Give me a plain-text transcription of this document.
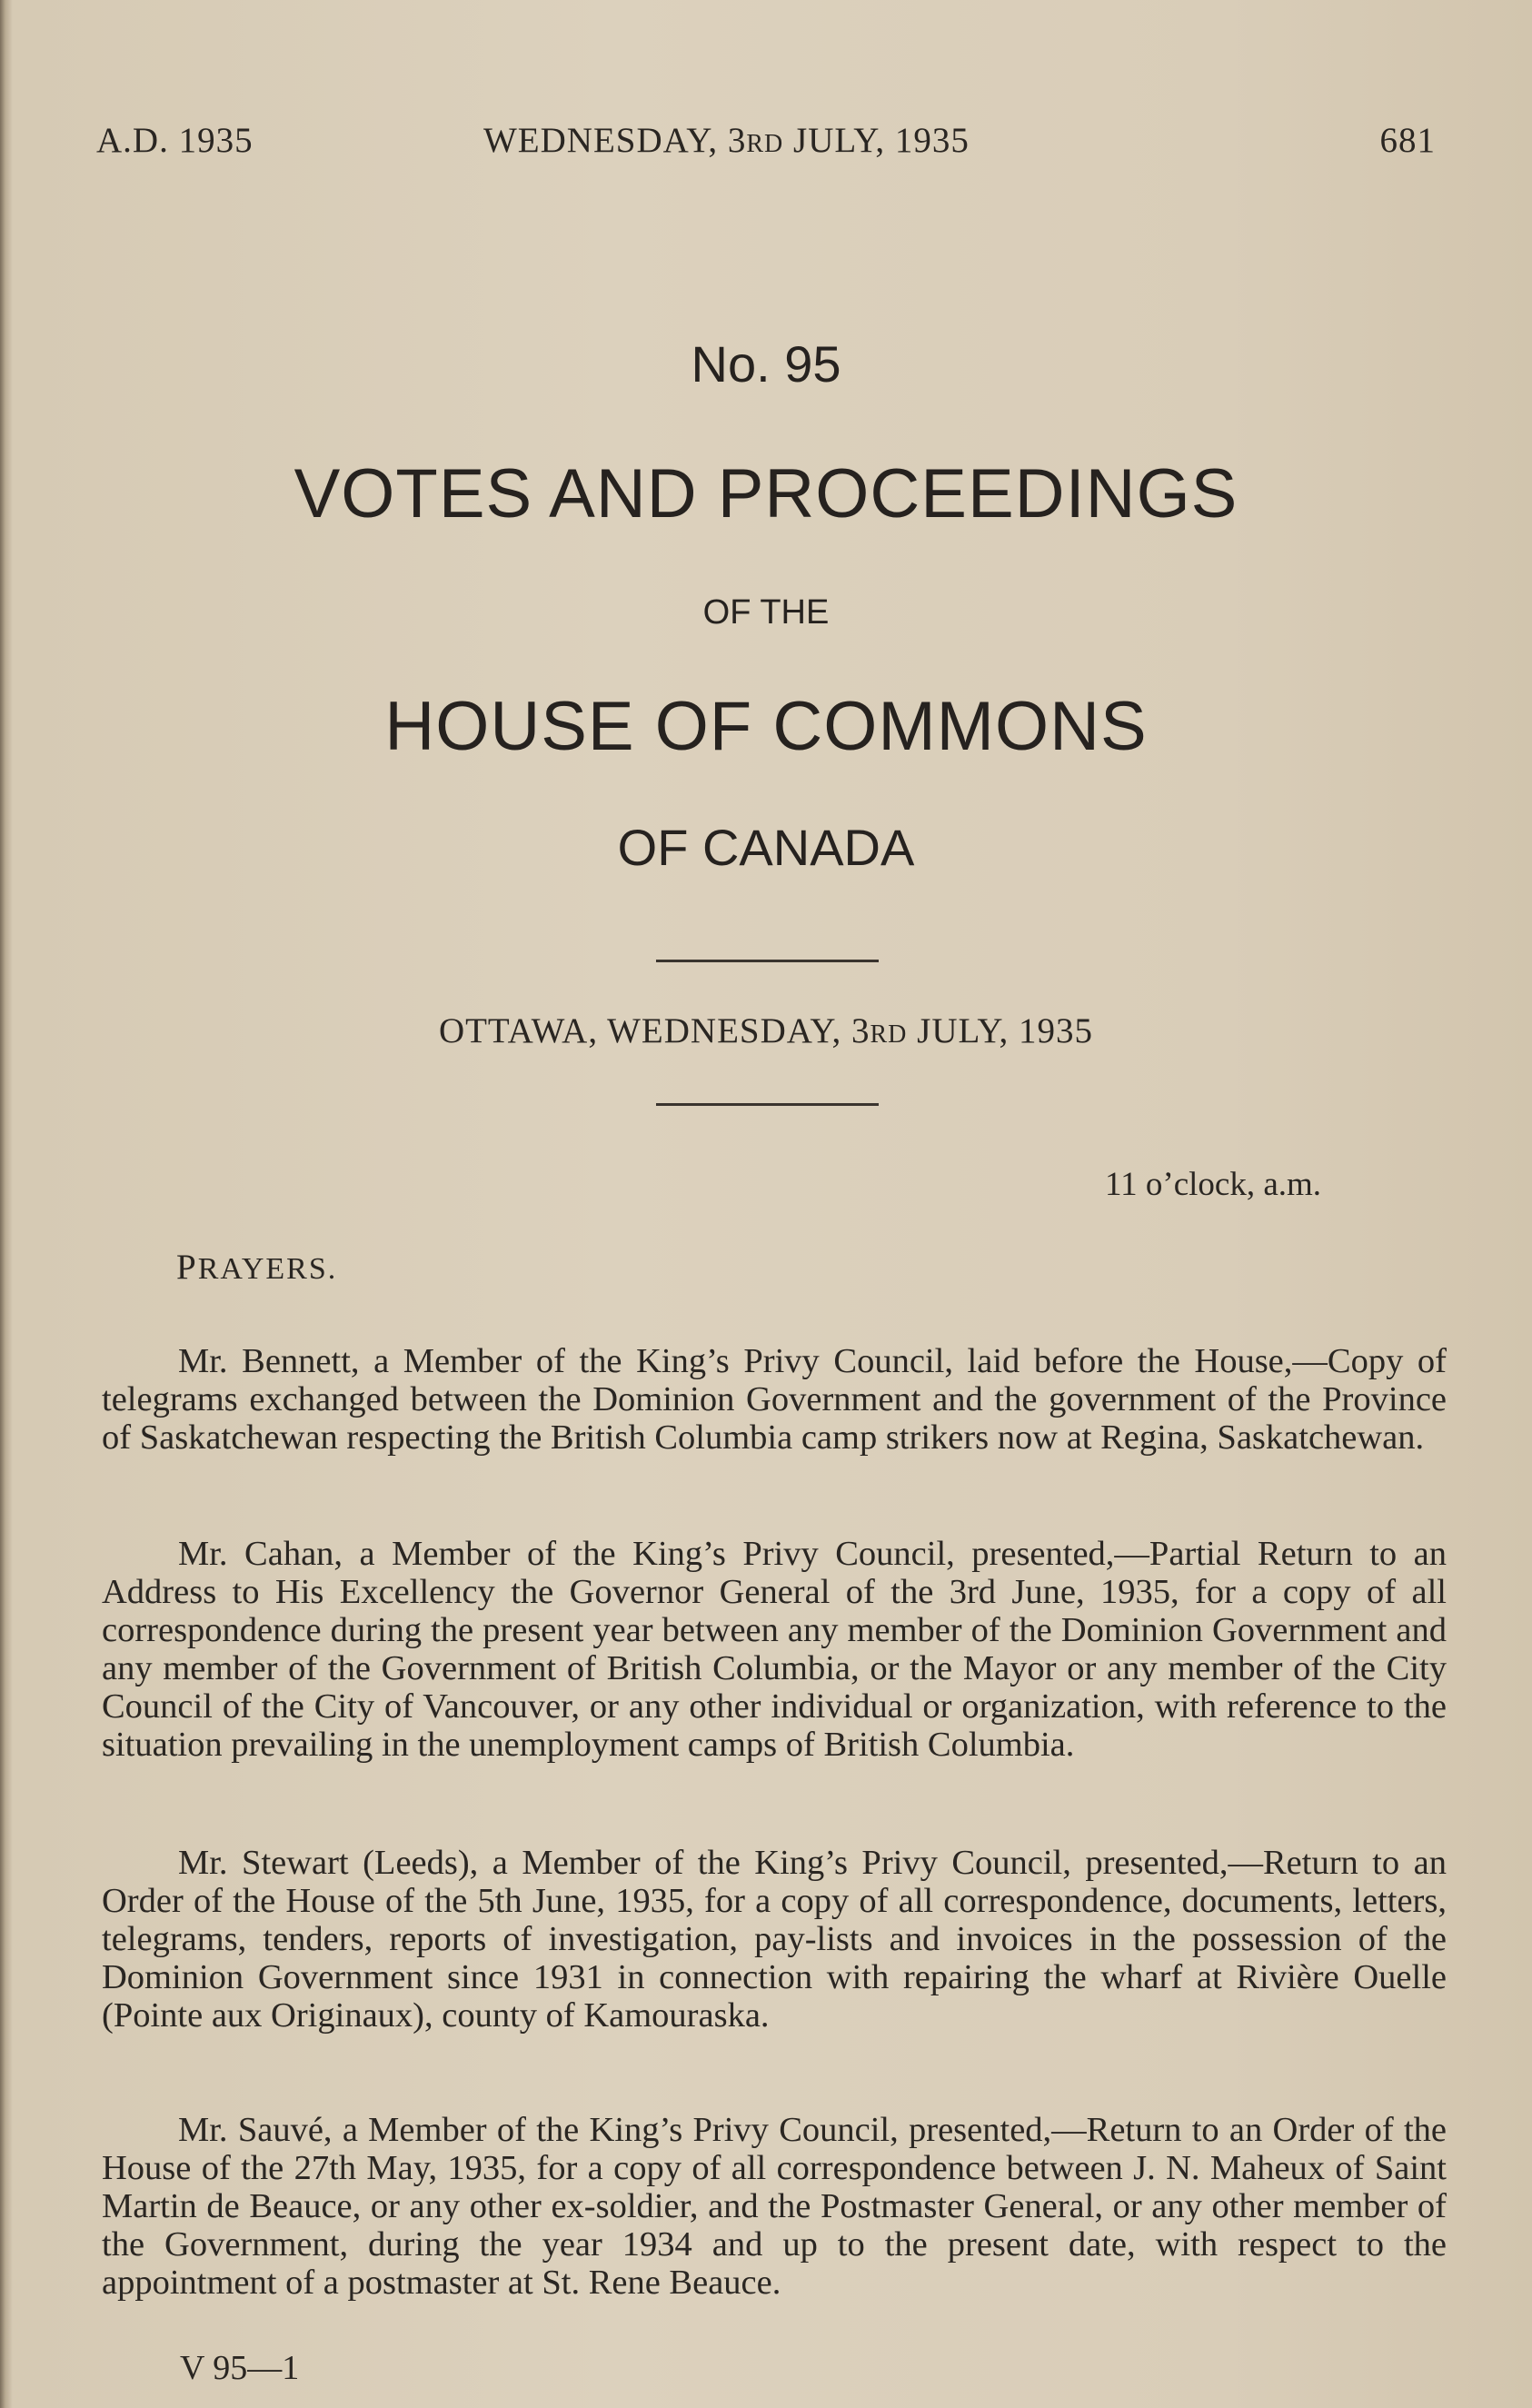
A.D. 1935	WEDNESDAY, 3RD JULY, 1935	681
No. 95
VOTES AND PROCEEDINGS
OF THE
HOUSE OF COMMONS
OF CANADA
OTTAWA, WEDNESDAY, 3RD JULY, 1935
11 o’clock, a.m.
PRAYERS.

Mr. Bennett, a Member of the King’s Privy Council, laid before the House,—Copy of telegrams exchanged between the Dominion Government and the government of the Province of Saskatchewan respecting the British Columbia camp strikers now at Regina, Saskatchewan.

Mr. Cahan, a Member of the King’s Privy Council, presented,—Partial Return to an Address to His Excellency the Governor General of the 3rd June, 1935, for a copy of all correspondence during the present year between any member of the Dominion Government and any member of the Government of British Columbia, or the Mayor or any member of the City Council of the City of Vancouver, or any other individual or organization, with reference to the situation prevailing in the unemployment camps of British Columbia.

Mr. Stewart (Leeds), a Member of the King’s Privy Council, presented,—Return to an Order of the House of the 5th June, 1935, for a copy of all correspondence, documents, letters, telegrams, tenders, reports of investigation, pay-lists and invoices in the possession of the Dominion Government since 1931 in connection with repairing the wharf at Rivière Ouelle (Pointe aux Originaux), county of Kamouraska.

Mr. Sauvé, a Member of the King’s Privy Council, presented,—Return to an Order of the House of the 27th May, 1935, for a copy of all correspondence between J. N. Maheux of Saint Martin de Beauce, or any other ex-soldier, and the Postmaster General, or any other member of the Government, during the year 1934 and up to the present date, with respect to the appointment of a postmaster at St. Rene Beauce.

V 95—1
